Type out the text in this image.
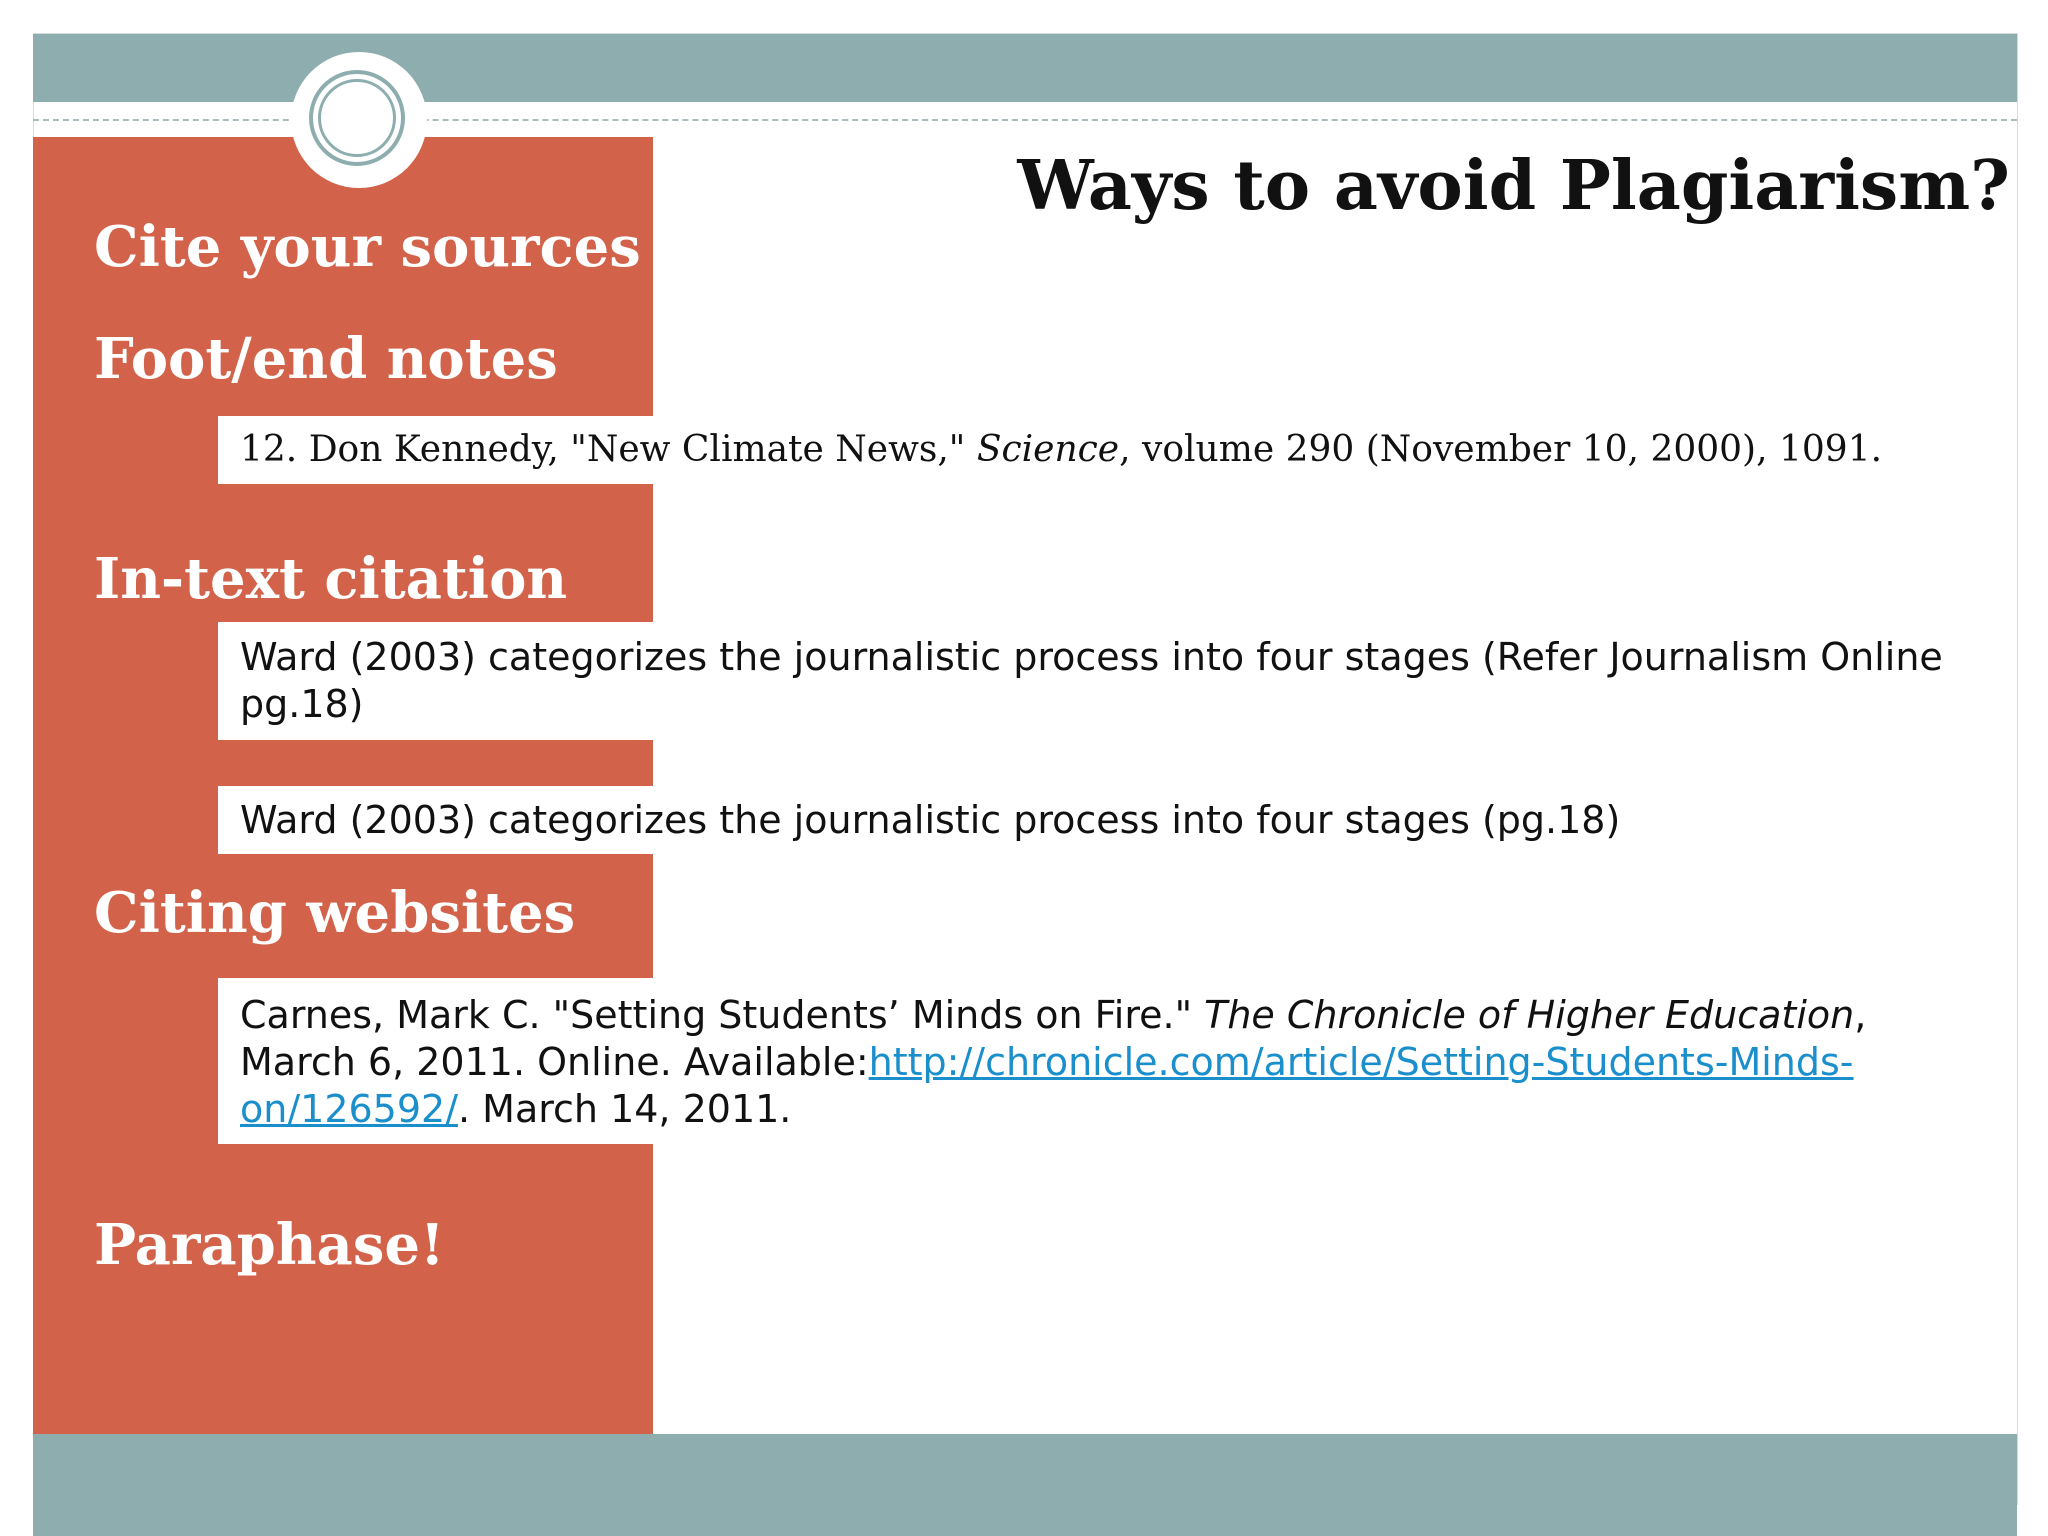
Ways to avoid Plagiarism?
Cite your sources
Foot/end notes
12. Don Kennedy, "New Climate News," Science, volume 290 (November 10, 2000), 1091.
In-text citation
Ward (2003) categorizes the journalistic process into four stages (Refer Journalism Online pg.18)
Ward (2003) categorizes the journalistic process into four stages (pg.18)
Citing websites
Carnes, Mark C. "Setting Students’ Minds on Fire." The Chronicle of Higher Education, March 6, 2011. Online. Available:http://chronicle.com/article/Setting-Students-Minds-on/126592/. March 14, 2011.
Paraphase!
